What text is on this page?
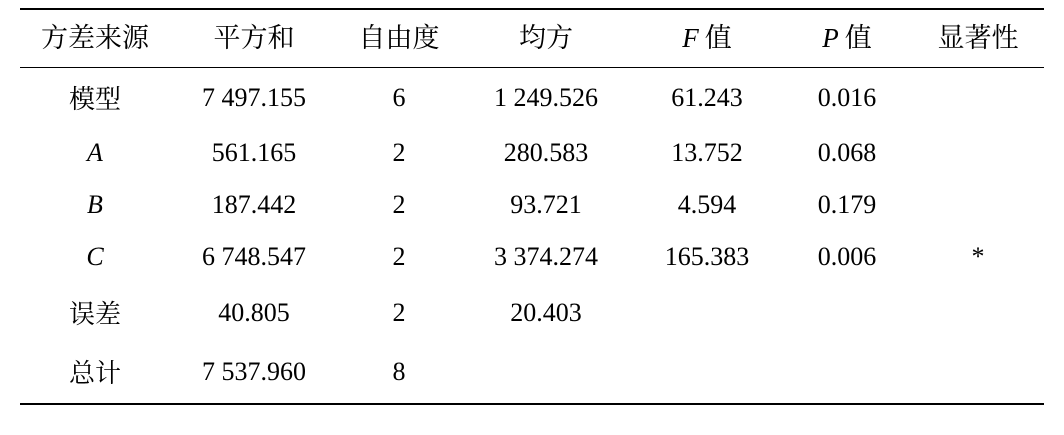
方差来源	平方和	自由度	均方	F 值	P 值	显著性
模型	7 497.155	6	1 249.526	61.243	0.016	
A	561.165	2	280.583	13.752	0.068	
B	187.442	2	93.721	4.594	0.179	
C	6 748.547	2	3 374.274	165.383	0.006	*
误差	40.805	2	20.403			
总计	7 537.960	8				
